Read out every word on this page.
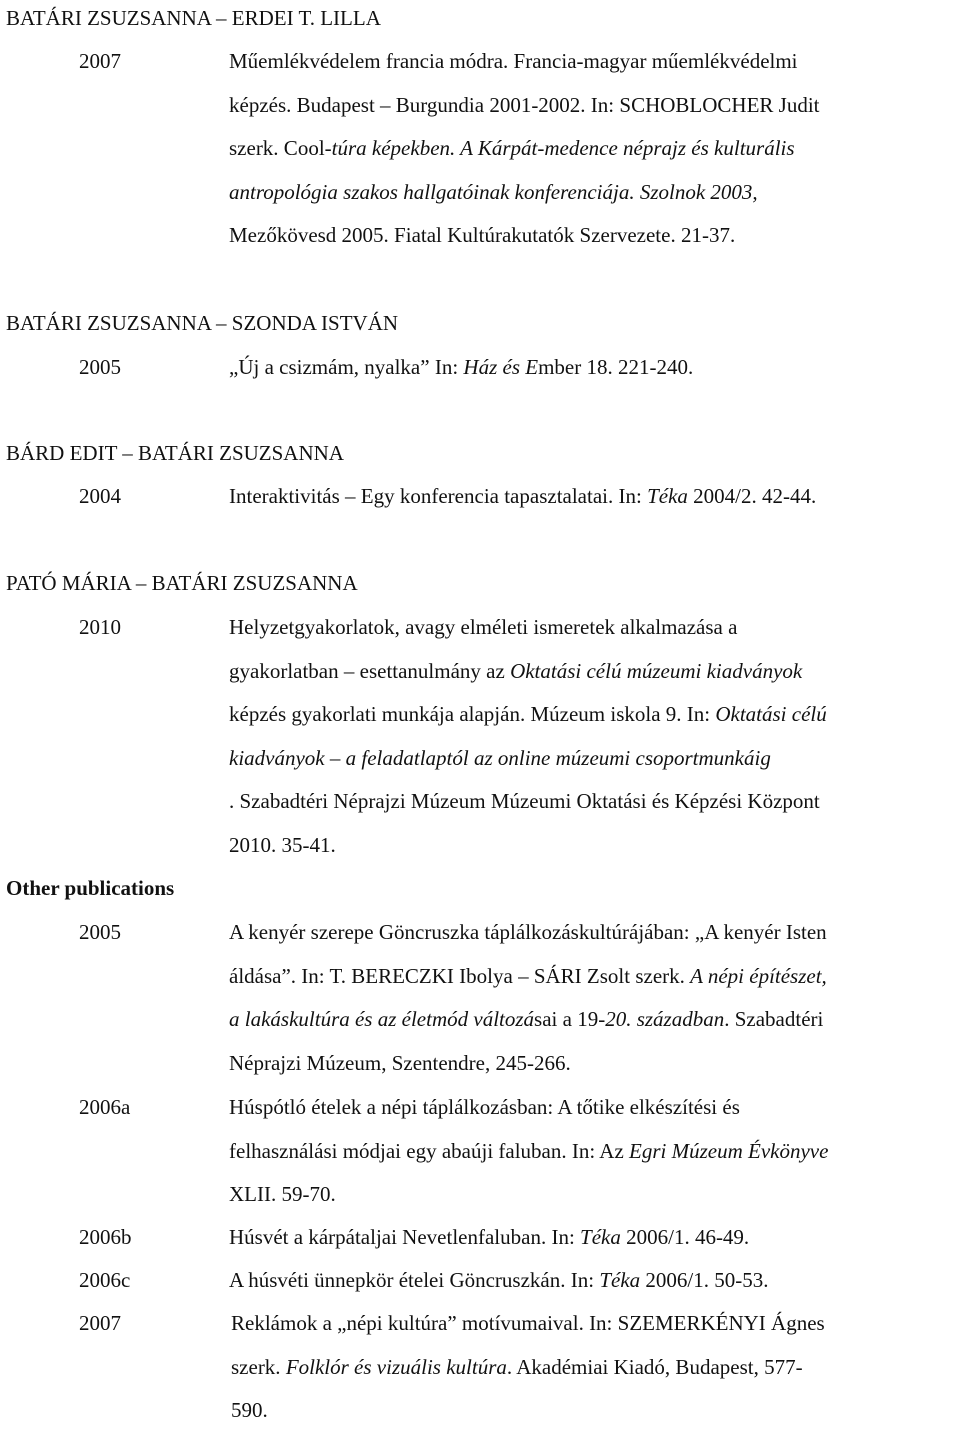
BATÁRI ZSUZSANNA – ERDEI T. LILLA
2007	Műemlékvédelem francia módra. Francia-magyar műemlékvédelmi
képzés. Budapest – Burgundia 2001-2002. In: SCHOBLOCHER Judit
szerk. Cool-túra képekben. A Kárpát-medence néprajz és kulturális
antropológia szakos hallgatóinak konferenciája. Szolnok 2003,
Mezőkövesd 2005. Fiatal Kultúrakutatók Szervezete. 21-37.
BATÁRI ZSUZSANNA – SZONDA ISTVÁN
2005	„Új a csizmám, nyalka” In: Ház és Ember 18. 221-240.
BÁRD EDIT – BATÁRI ZSUZSANNA
2004	Interaktivitás – Egy konferencia tapasztalatai. In: Téka 2004/2. 42-44.
PATÓ MÁRIA – BATÁRI ZSUZSANNA
2010	Helyzetgyakorlatok, avagy elméleti ismeretek alkalmazása a
gyakorlatban – esettanulmány az Oktatási célú múzeumi kiadványok
képzés gyakorlati munkája alapján. Múzeum iskola 9. In: Oktatási célú
kiadványok – a feladatlaptól az online múzeumi csoportmunkáig
. Szabadtéri Néprajzi Múzeum Múzeumi Oktatási és Képzési Központ
2010. 35-41.
Other publications
2005	A kenyér szerepe Göncruszka táplálkozáskultúrájában: „A kenyér Isten
áldása”. In: T. BERECZKI Ibolya – SÁRI Zsolt szerk. A népi építészet,
a lakáskultúra és az életmód változásai a 19-20. században. Szabadtéri
Néprajzi Múzeum, Szentendre, 245-266.
2006a	Húspótló ételek a népi táplálkozásban: A tőtike elkészítési és
felhasználási módjai egy abaúji faluban. In: Az Egri Múzeum Évkönyve
XLII. 59-70.
2006b	Húsvét a kárpátaljai Nevetlenfaluban. In: Téka 2006/1. 46-49.
2006c	A húsvéti ünnepkör ételei Göncruszkán. In: Téka 2006/1. 50-53.
2007	Reklámok a „népi kultúra” motívumaival. In: SZEMERKÉNYI Ágnes
szerk. Folklór és vizuális kultúra. Akadémiai Kiadó, Budapest, 577-
590.
